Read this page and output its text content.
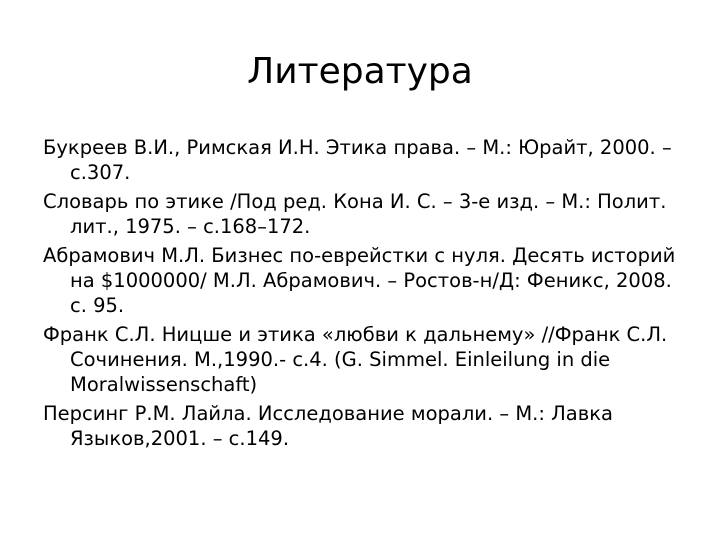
Литература
Букреев В.И., Римская И.Н. Этика права. – М.: Юрайт, 2000. – с.307.
Словарь по этике /Под ред. Кона И. С. – 3-е изд. – М.: Полит. лит., 1975. – с.168–172.
Абрамович М.Л. Бизнес по-еврейстки с нуля. Десять историй на $1000000/ М.Л. Абрамович. – Ростов-н/Д: Феникс, 2008. с. 95.
Франк С.Л. Ницше и этика «любви к дальнему» //Франк С.Л. Сочинения. М.,1990.- с.4. (G. Simmel. Einleilung in die Moralwissenschaft)
Персинг Р.М. Лайла. Исследование морали. – М.: Лавка Языков,2001. – с.149.
